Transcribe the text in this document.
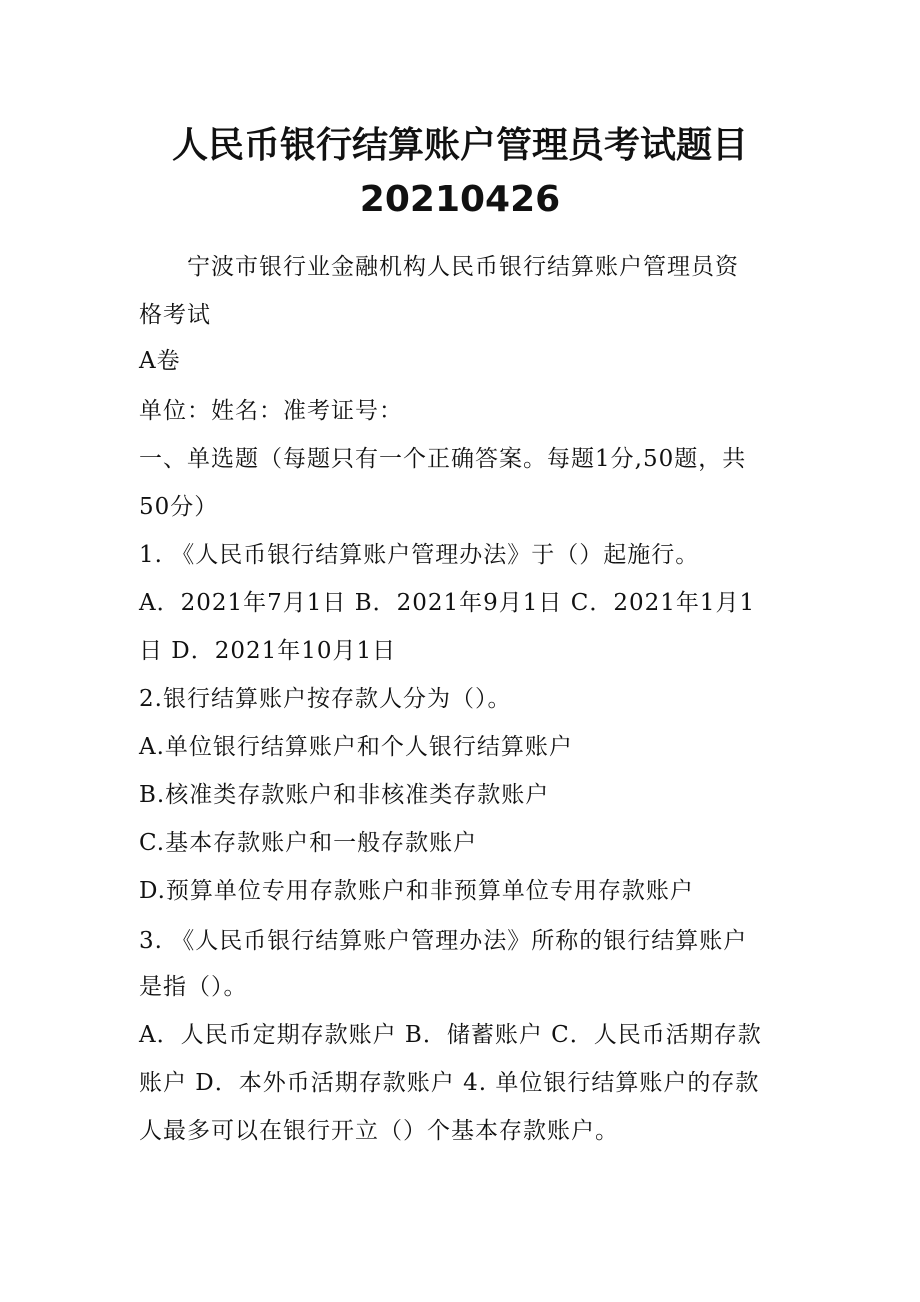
人民币银行结算账户管理员考试题目
20210426
　　宁波市银行业金融机构人民币银行结算账户管理员资
格考试
A卷
单位：姓名：准考证号：
一、单选题（每题只有一个正确答案。每题1分,50题，共
50分）
1. 《人民币银行结算账户管理办法》于（）起施行。
A．2021年7月1日 B．2021年9月1日 C．2021年1月1
日 D．2021年10月1日
2.银行结算账户按存款人分为（）。
A.单位银行结算账户和个人银行结算账户
B.核准类存款账户和非核准类存款账户
C.基本存款账户和一般存款账户
D.预算单位专用存款账户和非预算单位专用存款账户
3. 《人民币银行结算账户管理办法》所称的银行结算账户
是指（）。
A．人民币定期存款账户 B．储蓄账户 C．人民币活期存款
账户 D．本外币活期存款账户 4. 单位银行结算账户的存款
人最多可以在银行开立（）个基本存款账户。
